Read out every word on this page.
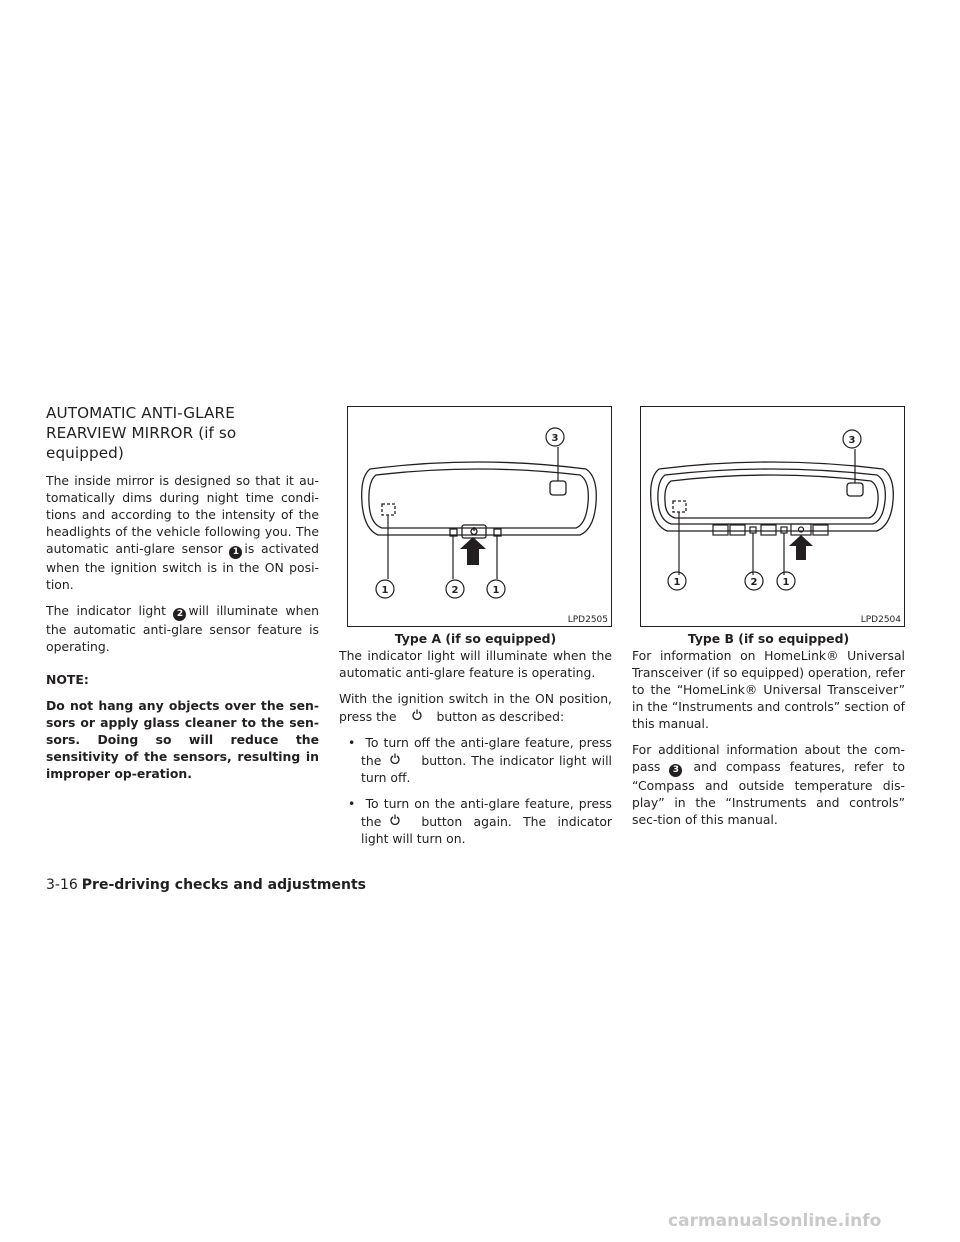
AUTOMATIC ANTI-GLARE
REARVIEW MIRROR (if so equipped)

The inside mirror is designed so that it au-tomatically dims during night time condi-tions and according to the intensity of the headlights of the vehicle following you. The automatic anti-glare sensor 1 is activated when the ignition switch is in the ON posi-tion.

The indicator light 2 will illuminate when the automatic anti-glare sensor feature is operating.

NOTE:

Do not hang any objects over the sen-sors or apply glass cleaner to the sen-sors. Doing so will reduce the sensitivity of the sensors, resulting in improper op-eration.

3
1	2	1
LPD2505
3
1	2	1
LPD2504

Type A (if so equipped)

The indicator light will illuminate when the automatic anti-glare feature is operating.

With the ignition switch in the ON position, press the	button as described:

• To turn off the anti-glare feature, press the	button. The indicator light will turn off.

• To turn on the anti-glare feature, press the	button again. The indicator light will turn on.

Type B (if so equipped)

For information on HomeLink® Universal Transceiver (if so equipped) operation, refer to the “HomeLink® Universal Transceiver” in the “Instruments and controls” section of this manual.

For additional information about the com-pass 3 and compass features, refer to “Compass and outside temperature dis-play” in the “Instruments and controls” sec-tion of this manual.

3-16 Pre-driving checks and adjustments
carmanualsonline.info
